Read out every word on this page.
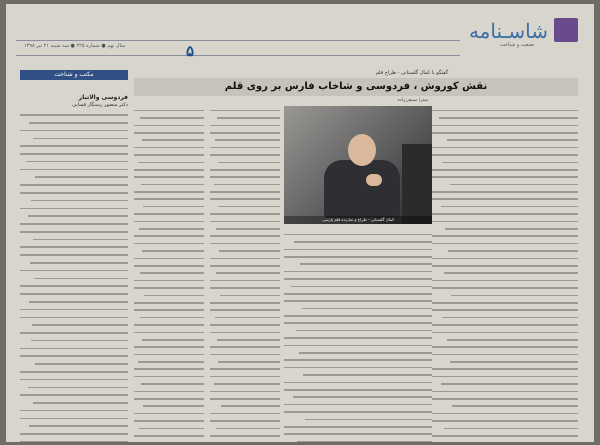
شاسـنامه
۵
سال نهم ● شماره ۲۲۵ ● سه شنبه ۲۱ تیر ۱۳۹۸	صنعت و شناخت
مکتب و شناخت
فردوسی والاتبار
دکتر منصور رستگار فسایی
گفتگو با کمال گلستانی - طراح قلم
نقش کوروش ، فردوسی و شاخاب فارس بر روی قلم
میترا صنیعی‌زاده
کمال گلستانی - طراح و سازنده قلم پارسی
